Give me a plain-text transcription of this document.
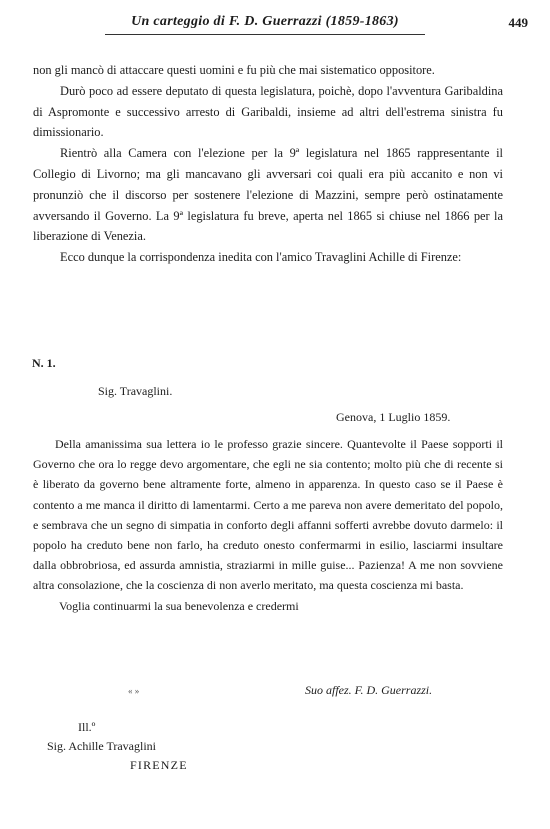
Un carteggio di F. D. Guerrazzi (1859-1863)	449

non gli mancò di attaccare questi uomini e fu più che mai sistematico oppositore.

Durò poco ad essere deputato di questa legislatura, poichè, dopo l'avventura Garibaldina di Aspromonte e successivo arresto di Garibaldi, insieme ad altri dell'estrema sinistra fu dimissionario.

Rientrò alla Camera con l'elezione per la 9ª legislatura nel 1865 rappresentante il Collegio di Livorno; ma gli mancavano gli avversari coi quali era più accanito e non vi pronunziò che il discorso per sostenere l'elezione di Mazzini, sempre però ostinatamente avversando il Governo. La 9ª legislatura fu breve, aperta nel 1865 si chiuse nel 1866 per la liberazione di Venezia.

Ecco dunque la corrispondenza inedita con l'amico Travaglini Achille di Firenze:

N. 1.
Sig. Travaglini.
Genova, 1 Luglio 1859.

Della amanissima sua lettera io le professo grazie sincere. Quantevolte il Paese sopporti il Governo che ora lo regge devo argomentare, che egli ne sia contento; molto più che di recente si è liberato da governo bene altramente forte, almeno in apparenza. In questo caso se il Paese è contento a me manca il diritto di lamentarmi. Certo a me pareva non avere demeritato del popolo, e sembrava che un segno di simpatia in conforto degli affanni sofferti avrebbe dovuto darmelo: il popolo ha creduto bene non farlo, ha creduto onesto confermarmi in esilio, lasciarmi insultare dalla obbrobriosa, ed assurda amnistia, straziarmi in mille guise... Pazienza! A me non sovviene altra consolazione, che la coscienza di non averlo meritato, ma questa coscienza mi basta.

Voglia continuarmi la sua benevolenza e credermi

« »	Suo affez. F. D. Guerrazzi.
Ill.º
Sig. Achille Travaglini
FIRENZE
